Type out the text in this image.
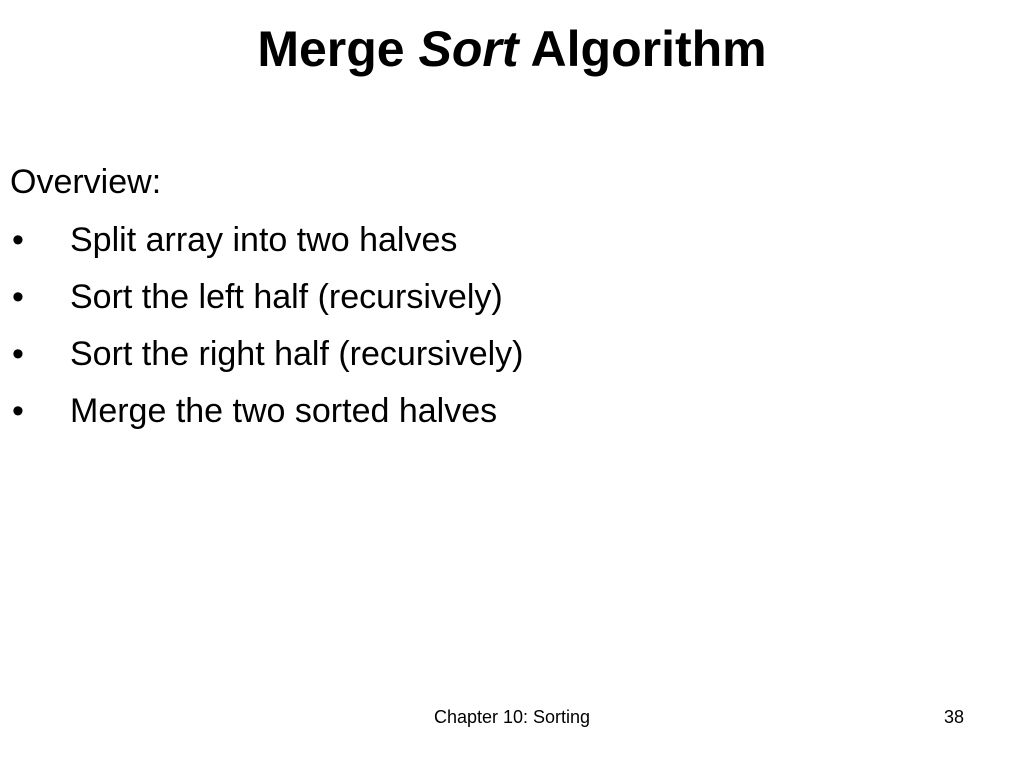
Merge Sort Algorithm
Overview:
• Split array into two halves
• Sort the left half (recursively)
• Sort the right half (recursively)
• Merge the two sorted halves
Chapter 10: Sorting	38
